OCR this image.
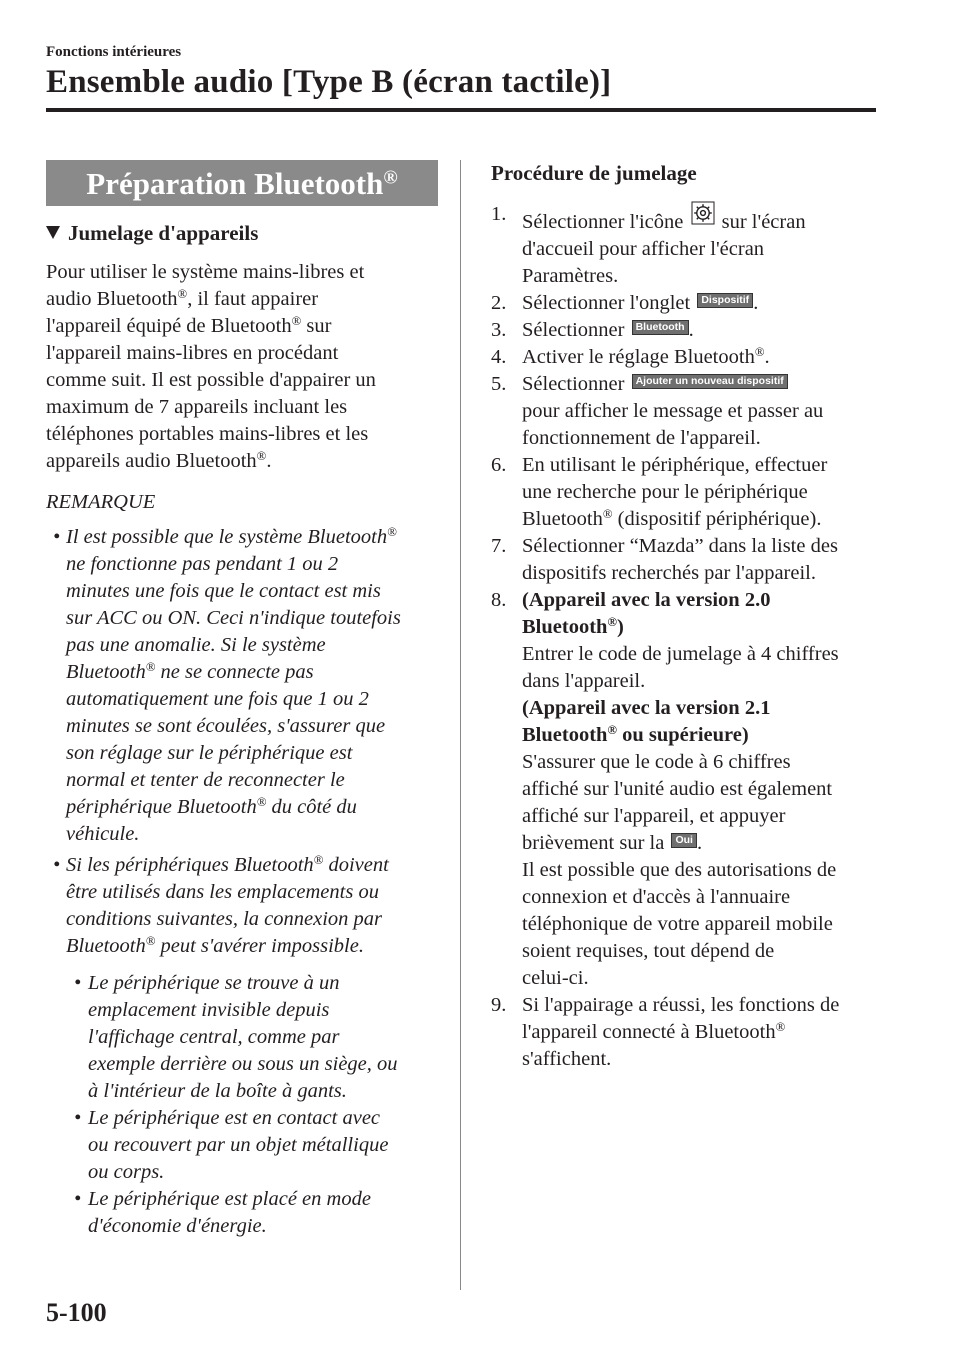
Fonctions intérieures
Ensemble audio [Type B (écran tactile)]
Préparation Bluetooth®
Jumelage d'appareils

Pour utiliser le système mains-libres et
audio Bluetooth®, il faut appairer
l'appareil équipé de Bluetooth® sur
l'appareil mains-libres en procédant
comme suit. Il est possible d'appairer un
maximum de 7 appareils incluant les
téléphones portables mains-libres et les
appareils audio Bluetooth®.

REMARQUE
• Il est possible que le système Bluetooth®
ne fonctionne pas pendant 1 ou 2
minutes une fois que le contact est mis
sur ACC ou ON. Ceci n'indique toutefois
pas une anomalie. Si le système
Bluetooth® ne se connecte pas
automatiquement une fois que 1 ou 2
minutes se sont écoulées, s'assurer que
son réglage sur le périphérique est
normal et tenter de reconnecter le
périphérique Bluetooth® du côté du
véhicule.
• Si les périphériques Bluetooth® doivent
être utilisés dans les emplacements ou
conditions suivantes, la connexion par
Bluetooth® peut s'avérer impossible.
• Le périphérique se trouve à un
emplacement invisible depuis
l'affichage central, comme par
exemple derrière ou sous un siège, ou
à l'intérieur de la boîte à gants.
• Le périphérique est en contact avec
ou recouvert par un objet métallique
ou corps.
• Le périphérique est placé en mode
d'économie d'énergie.
Procédure de jumelage
1. Sélectionner l'icône sur l'écran
d'accueil pour afficher l'écran
Paramètres.
2. Sélectionner l'onglet Dispositif .
3. Sélectionner Bluetooth .
4. Activer le réglage Bluetooth®.
5. Sélectionner Ajouter un nouveau dispositif
pour afficher le message et passer au
fonctionnement de l'appareil.
6. En utilisant le périphérique, effectuer
une recherche pour le périphérique
Bluetooth® (dispositif périphérique).
7. Sélectionner “Mazda” dans la liste des
dispositifs recherchés par l'appareil.
8. (Appareil avec la version 2.0
Bluetooth®)
Entrer le code de jumelage à 4 chiffres
dans l'appareil.
(Appareil avec la version 2.1
Bluetooth® ou supérieure)
S'assurer que le code à 6 chiffres
affiché sur l'unité audio est également
affiché sur l'appareil, et appuyer
brièvement sur la Oui .
Il est possible que des autorisations de
connexion et d'accès à l'annuaire
téléphonique de votre appareil mobile
soient requises, tout dépend de
celui-ci.
9. Si l'appairage a réussi, les fonctions de
l'appareil connecté à Bluetooth®
s'affichent.
5-100
